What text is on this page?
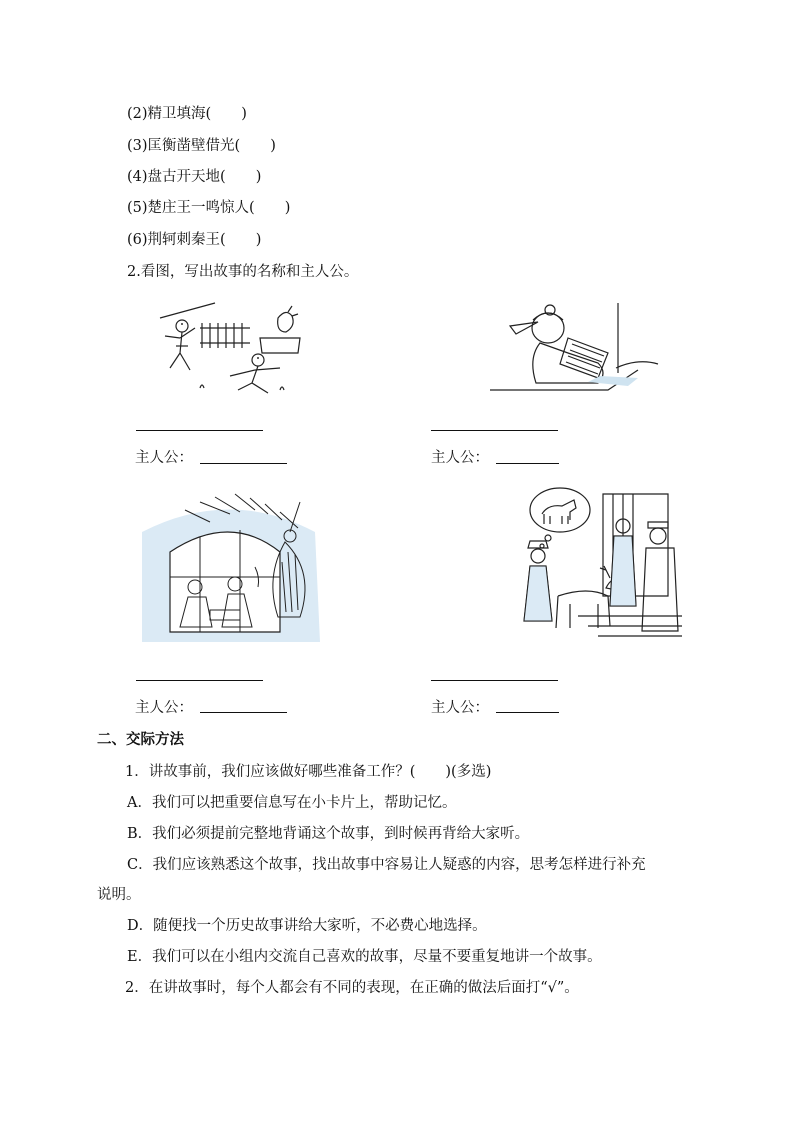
(2)精卫填海( )
(3)匡衡凿壁借光( )
(4)盘古开天地( )
(5)楚庄王一鸣惊人( )
(6)荆轲刺秦王( )
2.看图，写出故事的名称和主人公。
主人公：	主人公：
主人公：	主人公：
二、交际方法
1．讲故事前，我们应该做好哪些准备工作？( )(多选)
A．我们可以把重要信息写在小卡片上，帮助记忆。
B．我们必须提前完整地背诵这个故事，到时候再背给大家听。
C．我们应该熟悉这个故事，找出故事中容易让人疑惑的内容，思考怎样进行补充
说明。
D．随便找一个历史故事讲给大家听，不必费心地选择。
E．我们可以在小组内交流自己喜欢的故事，尽量不要重复地讲一个故事。
2．在讲故事时，每个人都会有不同的表现，在正确的做法后面打“√”。
